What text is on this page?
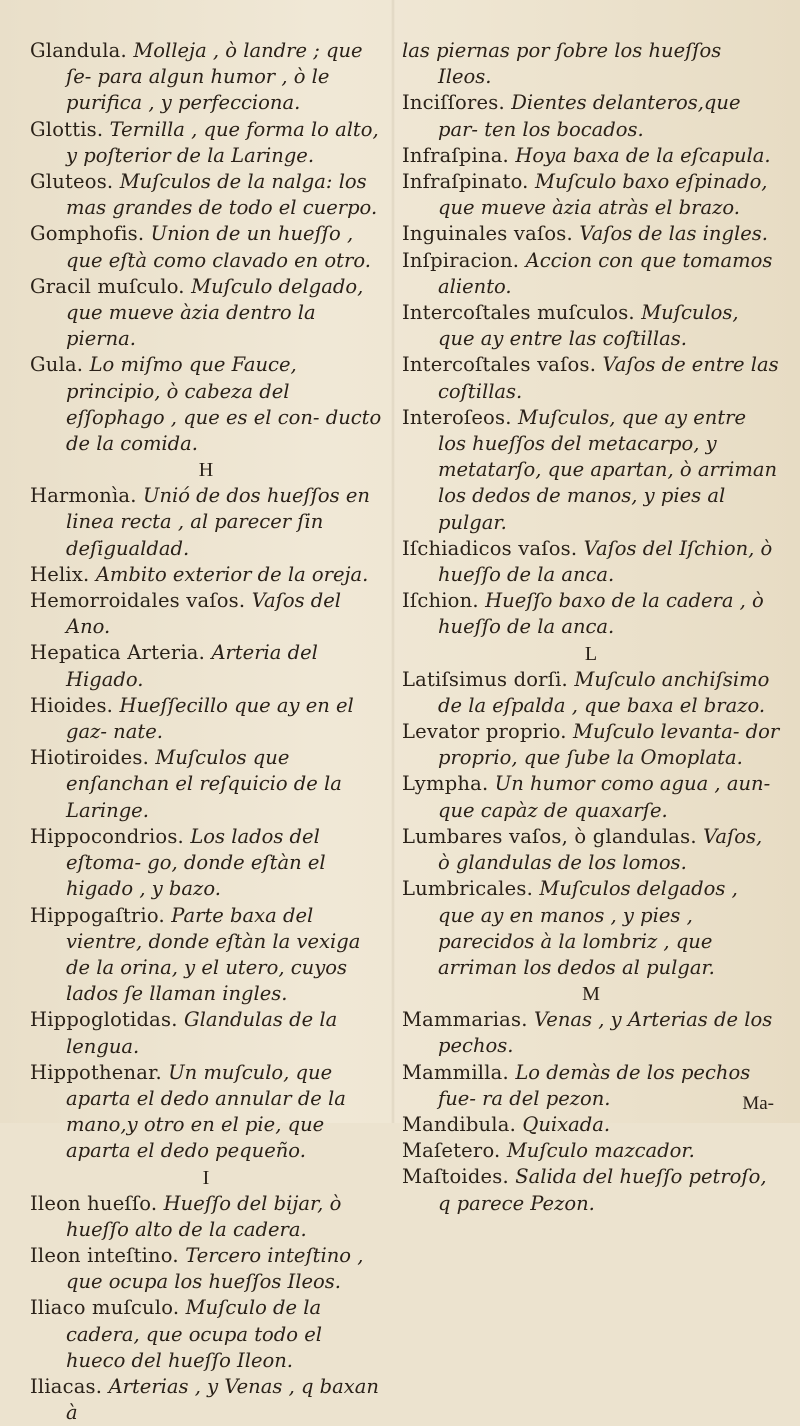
Glandula. Molleja , ò landre ; que ſe- para algun humor , ò le purifica , y perfecciona.

Glottis. Ternilla , que forma lo alto, y poſterior de la Laringe.

Gluteos. Muſculos de la nalga: los mas grandes de todo el cuerpo.

Gomphofis. Union de un hueſſo , que eſtà como clavado en otro.

Gracil muſculo. Muſculo delgado, que mueve àzia dentro la pierna.

Gula. Lo miſmo que Fauce, principio, ò cabeza del eſſophago , que es el con- ducto de la comida.

H

Harmonìa. Unió de dos hueſſos en linea recta , al parecer ſin deſigualdad.

Helix. Ambito exterior de la oreja.

Hemorroidales vaſos. Vaſos del Ano.

Hepatica Arteria. Arteria del Higado.

Hioides. Hueſſecillo que ay en el gaz- nate.

Hiotiroides. Muſculos que enſanchan el reſquicio de la Laringe.

Hippocondrios. Los lados del eſtoma- go, donde eſtàn el higado , y bazo.

Hippogaſtrio. Parte baxa del vientre, donde eſtàn la vexiga de la orina, y el utero, cuyos lados ſe llaman ingles.

Hippoglotidas. Glandulas de la lengua.

Hippothenar. Un muſculo, que aparta el dedo annular de la mano,y otro en el pie, que aparta el dedo pequeño.

I

Ileon hueſſo. Hueſſo del bijar, ò hueſſo alto de la cadera.

Ileon inteſtino. Tercero inteſtino , que ocupa los hueſſos Ileos.

Iliaco muſculo. Muſculo de la cadera, que ocupa todo el hueco del hueſſo Ileon.

Iliacas. Arterias , y Venas , q baxan à

las piernas por ſobre los hueſſos Ileos.

Inciſſores. Dientes delanteros,que par- ten los bocados.

Infraſpina. Hoya baxa de la eſcapula.

Infraſpinato. Muſculo baxo eſpinado, que mueve àzia atràs el brazo.

Inguinales vaſos. Vaſos de las ingles.

Inſpiracion. Accion con que tomamos aliento.

Intercoſtales muſculos. Muſculos, que ay entre las coſtillas.

Intercoſtales vaſos. Vaſos de entre las coſtillas.

Interoſeos. Muſculos, que ay entre los hueſſos del metacarpo, y metatarſo, que apartan, ò arriman los dedos de manos, y pies al pulgar.

Iſchiadicos vaſos. Vaſos del Iſchion, ò hueſſo de la anca.

Iſchion. Hueſſo baxo de la cadera , ò hueſſo de la anca.

L

Latiſsimus dorſi. Muſculo anchiſsimo de la eſpalda , que baxa el brazo.

Levator proprio. Muſculo levanta- dor proprio, que ſube la Omoplata.

Lympha. Un humor como agua , aun- que capàz de quaxarſe.

Lumbares vaſos, ò glandulas. Vaſos, ò glandulas de los lomos.

Lumbricales. Muſculos delgados , que ay en manos , y pies , parecidos à la lombriz , que arriman los dedos al pulgar.

M

Mammarias. Venas , y Arterias de los pechos.

Mammilla. Lo demàs de los pechos fue- ra del pezon.

Mandibula. Quixada.

Maſetero. Muſculo mazcador.

Maſtoides. Salida del hueſſo petroſo, q parece Pezon.

Ma-
